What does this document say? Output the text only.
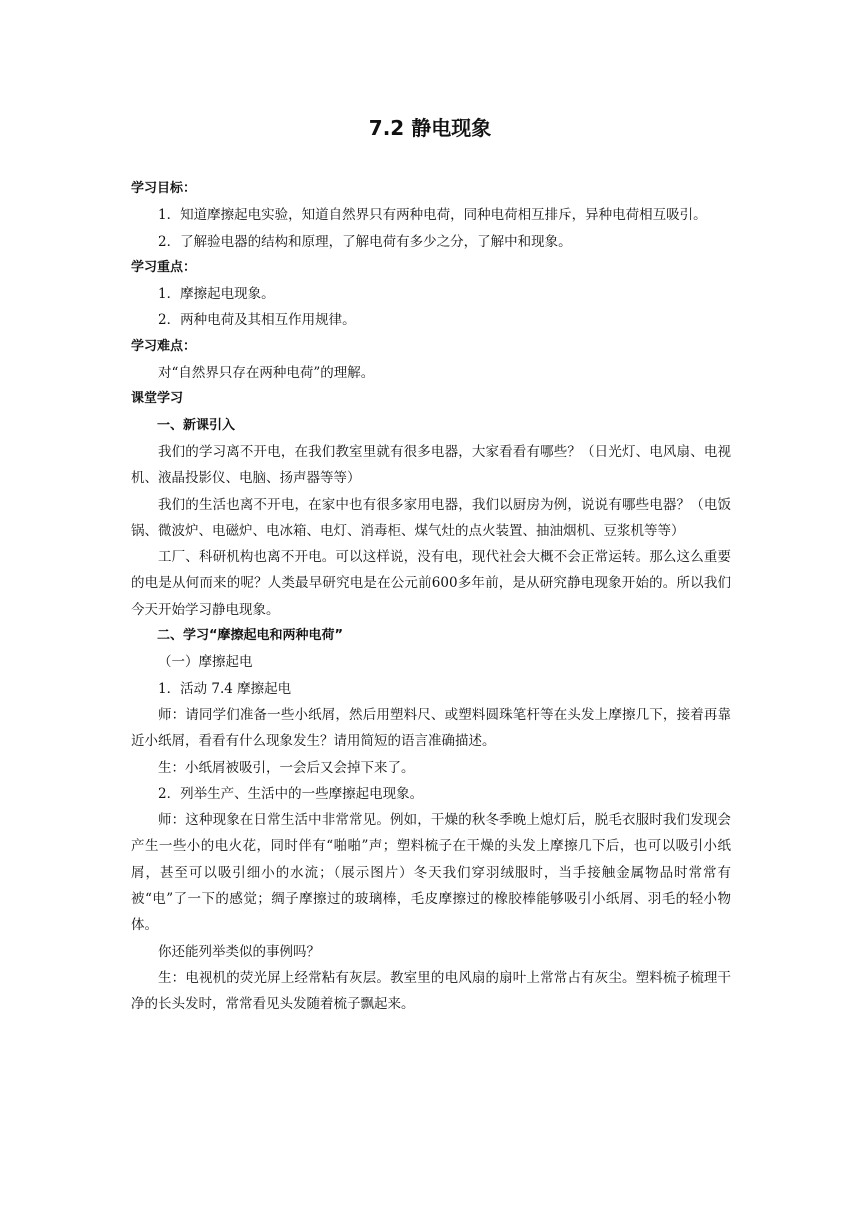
7.2 静电现象

学习目标：

1．知道摩擦起电实验，知道自然界只有两种电荷，同种电荷相互排斥，异种电荷相互吸引。

2．了解验电器的结构和原理，了解电荷有多少之分，了解中和现象。

学习重点：

1．摩擦起电现象。

2．两种电荷及其相互作用规律。

学习难点：

对“自然界只存在两种电荷”的理解。

课堂学习

一、新课引入

我们的学习离不开电，在我们教室里就有很多电器，大家看看有哪些？（日光灯、电风扇、电视机、液晶投影仪、电脑、扬声器等等）

我们的生活也离不开电，在家中也有很多家用电器，我们以厨房为例，说说有哪些电器？（电饭锅、微波炉、电磁炉、电冰箱、电灯、消毒柜、煤气灶的点火装置、抽油烟机、豆浆机等等）

工厂、科研机构也离不开电。可以这样说，没有电，现代社会大概不会正常运转。那么这么重要的电是从何而来的呢？人类最早研究电是在公元前600多年前，是从研究静电现象开始的。所以我们今天开始学习静电现象。

二、学习“摩擦起电和两种电荷”

（一）摩擦起电

1．活动 7.4 摩擦起电

师：请同学们准备一些小纸屑，然后用塑料尺、或塑料圆珠笔杆等在头发上摩擦几下，接着再靠近小纸屑，看看有什么现象发生？请用简短的语言准确描述。

生：小纸屑被吸引，一会后又会掉下来了。

2．列举生产、生活中的一些摩擦起电现象。

师：这种现象在日常生活中非常常见。例如，干燥的秋冬季晚上熄灯后，脱毛衣服时我们发现会产生一些小的电火花，同时伴有“啪啪”声；塑料梳子在干燥的头发上摩擦几下后，也可以吸引小纸屑，甚至可以吸引细小的水流；（展示图片）冬天我们穿羽绒服时，当手接触金属物品时常常有被“电”了一下的感觉；绸子摩擦过的玻璃棒，毛皮摩擦过的橡胶棒能够吸引小纸屑、羽毛的轻小物体。

你还能列举类似的事例吗？

生：电视机的荧光屏上经常粘有灰层。教室里的电风扇的扇叶上常常占有灰尘。塑料梳子梳理干净的长头发时，常常看见头发随着梳子飘起来。
